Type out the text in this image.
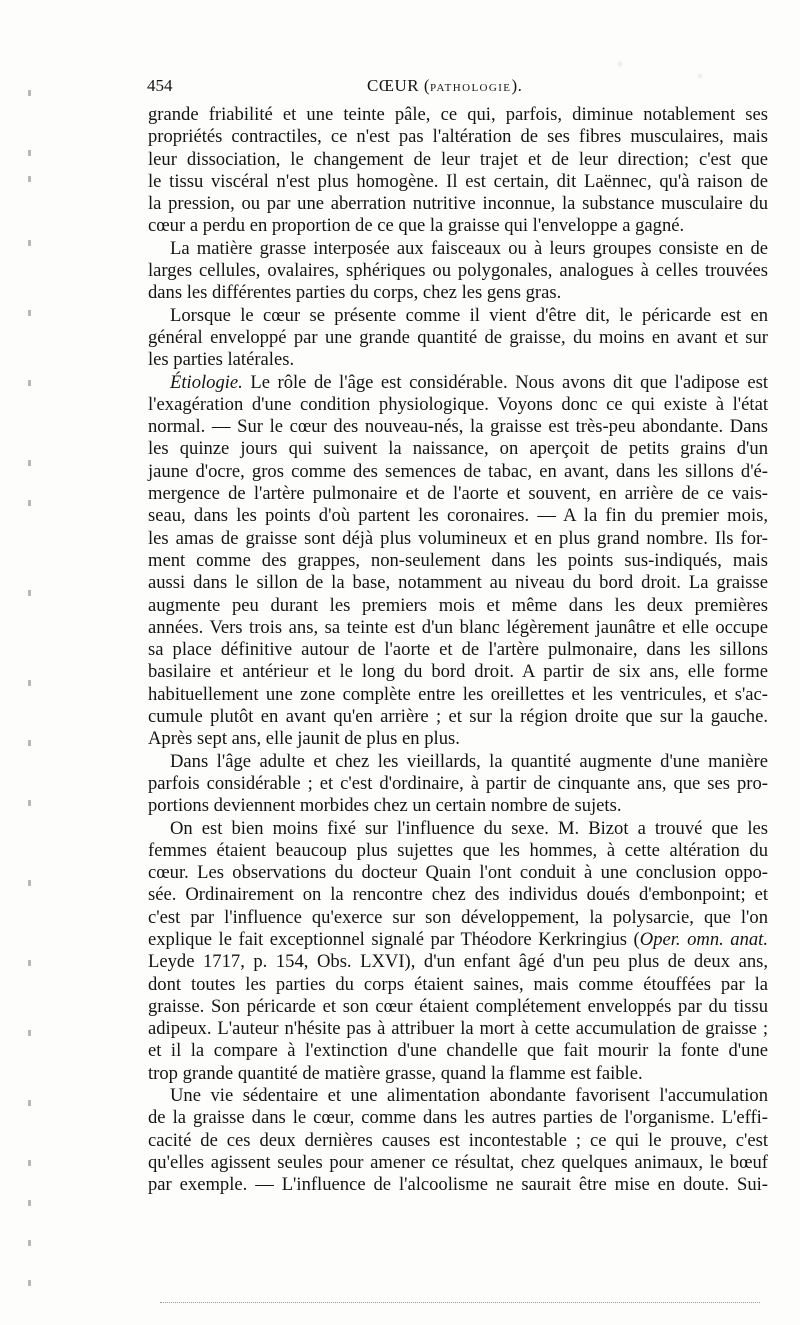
454	CŒUR (PATHOLOGIE).
grande friabilité et une teinte pâle, ce qui, parfois, diminue notablement ses
propriétés contractiles, ce n'est pas l'altération de ses fibres musculaires, mais
leur dissociation, le changement de leur trajet et de leur direction; c'est que
le tissu viscéral n'est plus homogène. Il est certain, dit Laënnec, qu'à raison de
la pression, ou par une aberration nutritive inconnue, la substance musculaire du
cœur a perdu en proportion de ce que la graisse qui l'enveloppe a gagné.
La matière grasse interposée aux faisceaux ou à leurs groupes consiste en de
larges cellules, ovalaires, sphériques ou polygonales, analogues à celles trouvées
dans les différentes parties du corps, chez les gens gras.
Lorsque le cœur se présente comme il vient d'être dit, le péricarde est en
général enveloppé par une grande quantité de graisse, du moins en avant et sur
les parties latérales.
Étiologie. Le rôle de l'âge est considérable. Nous avons dit que l'adipose est
l'exagération d'une condition physiologique. Voyons donc ce qui existe à l'état
normal. — Sur le cœur des nouveau-nés, la graisse est très-peu abondante. Dans
les quinze jours qui suivent la naissance, on aperçoit de petits grains d'un
jaune d'ocre, gros comme des semences de tabac, en avant, dans les sillons d'é-
mergence de l'artère pulmonaire et de l'aorte et souvent, en arrière de ce vais-
seau, dans les points d'où partent les coronaires. — A la fin du premier mois,
les amas de graisse sont déjà plus volumineux et en plus grand nombre. Ils for-
ment comme des grappes, non-seulement dans les points sus-indiqués, mais
aussi dans le sillon de la base, notamment au niveau du bord droit. La graisse
augmente peu durant les premiers mois et même dans les deux premières
années. Vers trois ans, sa teinte est d'un blanc légèrement jaunâtre et elle occupe
sa place définitive autour de l'aorte et de l'artère pulmonaire, dans les sillons
basilaire et antérieur et le long du bord droit. A partir de six ans, elle forme
habituellement une zone complète entre les oreillettes et les ventricules, et s'ac-
cumule plutôt en avant qu'en arrière ; et sur la région droite que sur la gauche.
Après sept ans, elle jaunit de plus en plus.
Dans l'âge adulte et chez les vieillards, la quantité augmente d'une manière
parfois considérable ; et c'est d'ordinaire, à partir de cinquante ans, que ses pro-
portions deviennent morbides chez un certain nombre de sujets.
On est bien moins fixé sur l'influence du sexe. M. Bizot a trouvé que les
femmes étaient beaucoup plus sujettes que les hommes, à cette altération du
cœur. Les observations du docteur Quain l'ont conduit à une conclusion oppo-
sée. Ordinairement on la rencontre chez des individus doués d'embonpoint; et
c'est par l'influence qu'exerce sur son développement, la polysarcie, que l'on
explique le fait exceptionnel signalé par Théodore Kerkringius (Oper. omn. anat.
Leyde 1717, p. 154, Obs. LXVI), d'un enfant âgé d'un peu plus de deux ans,
dont toutes les parties du corps étaient saines, mais comme étouffées par la
graisse. Son péricarde et son cœur étaient complétement enveloppés par du tissu
adipeux. L'auteur n'hésite pas à attribuer la mort à cette accumulation de graisse ;
et il la compare à l'extinction d'une chandelle que fait mourir la fonte d'une
trop grande quantité de matière grasse, quand la flamme est faible.
Une vie sédentaire et une alimentation abondante favorisent l'accumulation
de la graisse dans le cœur, comme dans les autres parties de l'organisme. L'effi-
cacité de ces deux dernières causes est incontestable ; ce qui le prouve, c'est
qu'elles agissent seules pour amener ce résultat, chez quelques animaux, le bœuf
par exemple. — L'influence de l'alcoolisme ne saurait être mise en doute. Sui-
